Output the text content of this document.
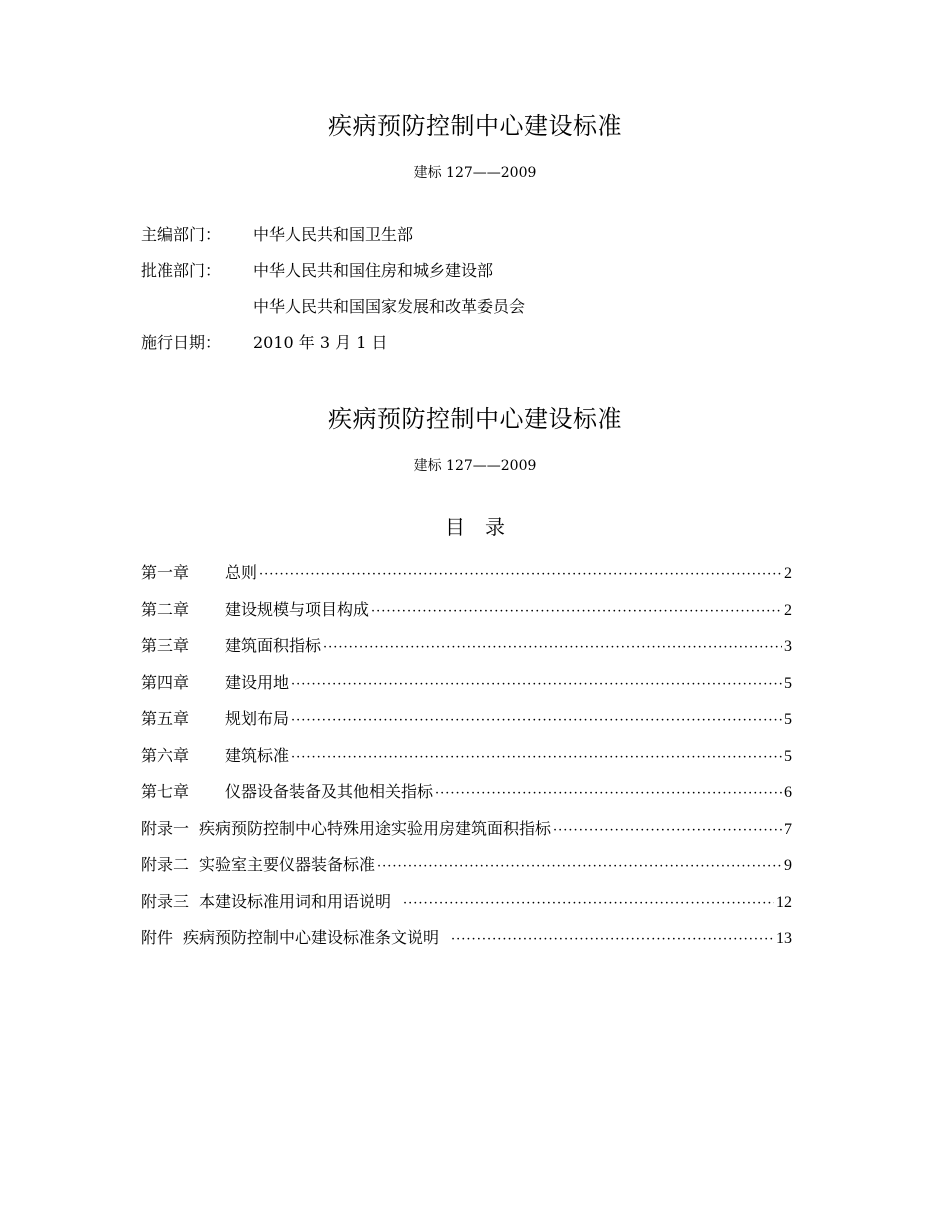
疾病预防控制中心建设标准
建标 127——2009
主编部门：	中华人民共和国卫生部
批准部门：	中华人民共和国住房和城乡建设部
中华人民共和国国家发展和改革委员会
施行日期：	2010 年 3 月 1 日
疾病预防控制中心建设标准
建标 127——2009
目　录
第一章	总则 ·····	2
第二章	建设规模与项目构成 ·····	2
第三章	建筑面积指标 ·····	3
第四章	建设用地 ·····	5
第五章	规划布局 ·····	5
第六章	建筑标准 ·····	5
第七章	仪器设备装备及其他相关指标 ·····	6
附录一 疾病预防控制中心特殊用途实验用房建筑面积指标 ·····	7
附录二 实验室主要仪器装备标准 ·····	9
附录三 本建设标准用词和用语说明 ·····	12
附件 疾病预防控制中心建设标准条文说明 ·····	13
